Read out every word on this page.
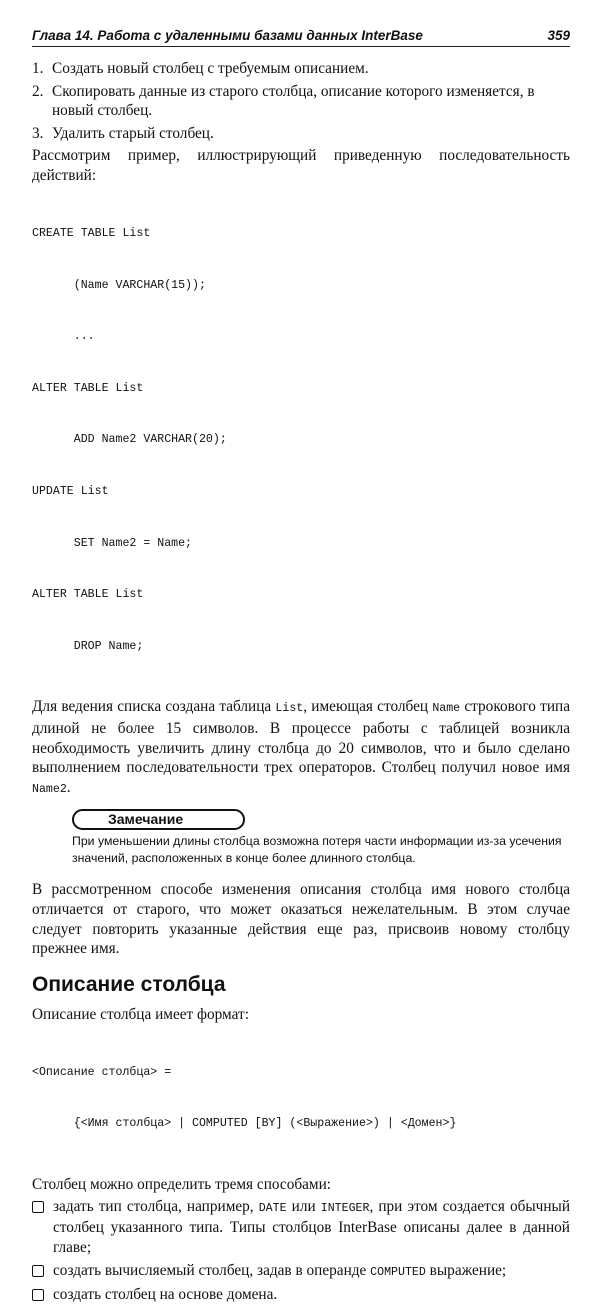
Глава 14. Работа с удаленными базами данных InterBase	359
1. Создать новый столбец с требуемым описанием.
2. Скопировать данные из старого столбца, описание которого изменяется, в новый столбец.
3. Удалить старый столбец.

Рассмотрим пример, иллюстрирующий приведенную последовательность действий:

CREATE TABLE List

(Name VARCHAR(15));

...

ALTER TABLE List

ADD Name2 VARCHAR(20);

UPDATE List

SET Name2 = Name;

ALTER TABLE List

DROP Name;

Для ведения списка создана таблица List, имеющая столбец Name строкового типа длиной не более 15 символов. В процессе работы с таблицей возникла необходимость увеличить длину столбца до 20 символов, что и было сделано выполнением последовательности трех операторов. Столбец получил новое имя Name2.

Замечание
При уменьшении длины столбца возможна потеря части информации из-за усечения значений, расположенных в конце более длинного столбца.

В рассмотренном способе изменения описания столбца имя нового столбца отличается от старого, что может оказаться нежелательным. В этом случае следует повторить указанные действия еще раз, присвоив новому столбцу прежнее имя.

Описание столбца

Описание столбца имеет формат:

<Описание столбца> =

{<Имя столбца> | COMPUTED [BY] (<Выражение>) | <Домен>}

Столбец можно определить тремя способами:

задать тип столбца, например, DATE или INTEGER, при этом создается обычный столбец указанного типа. Типы столбцов InterBase описаны далее в данной главе;
создать вычисляемый столбец, задав в операнде COMPUTED выражение;
создать столбец на основе домена.
